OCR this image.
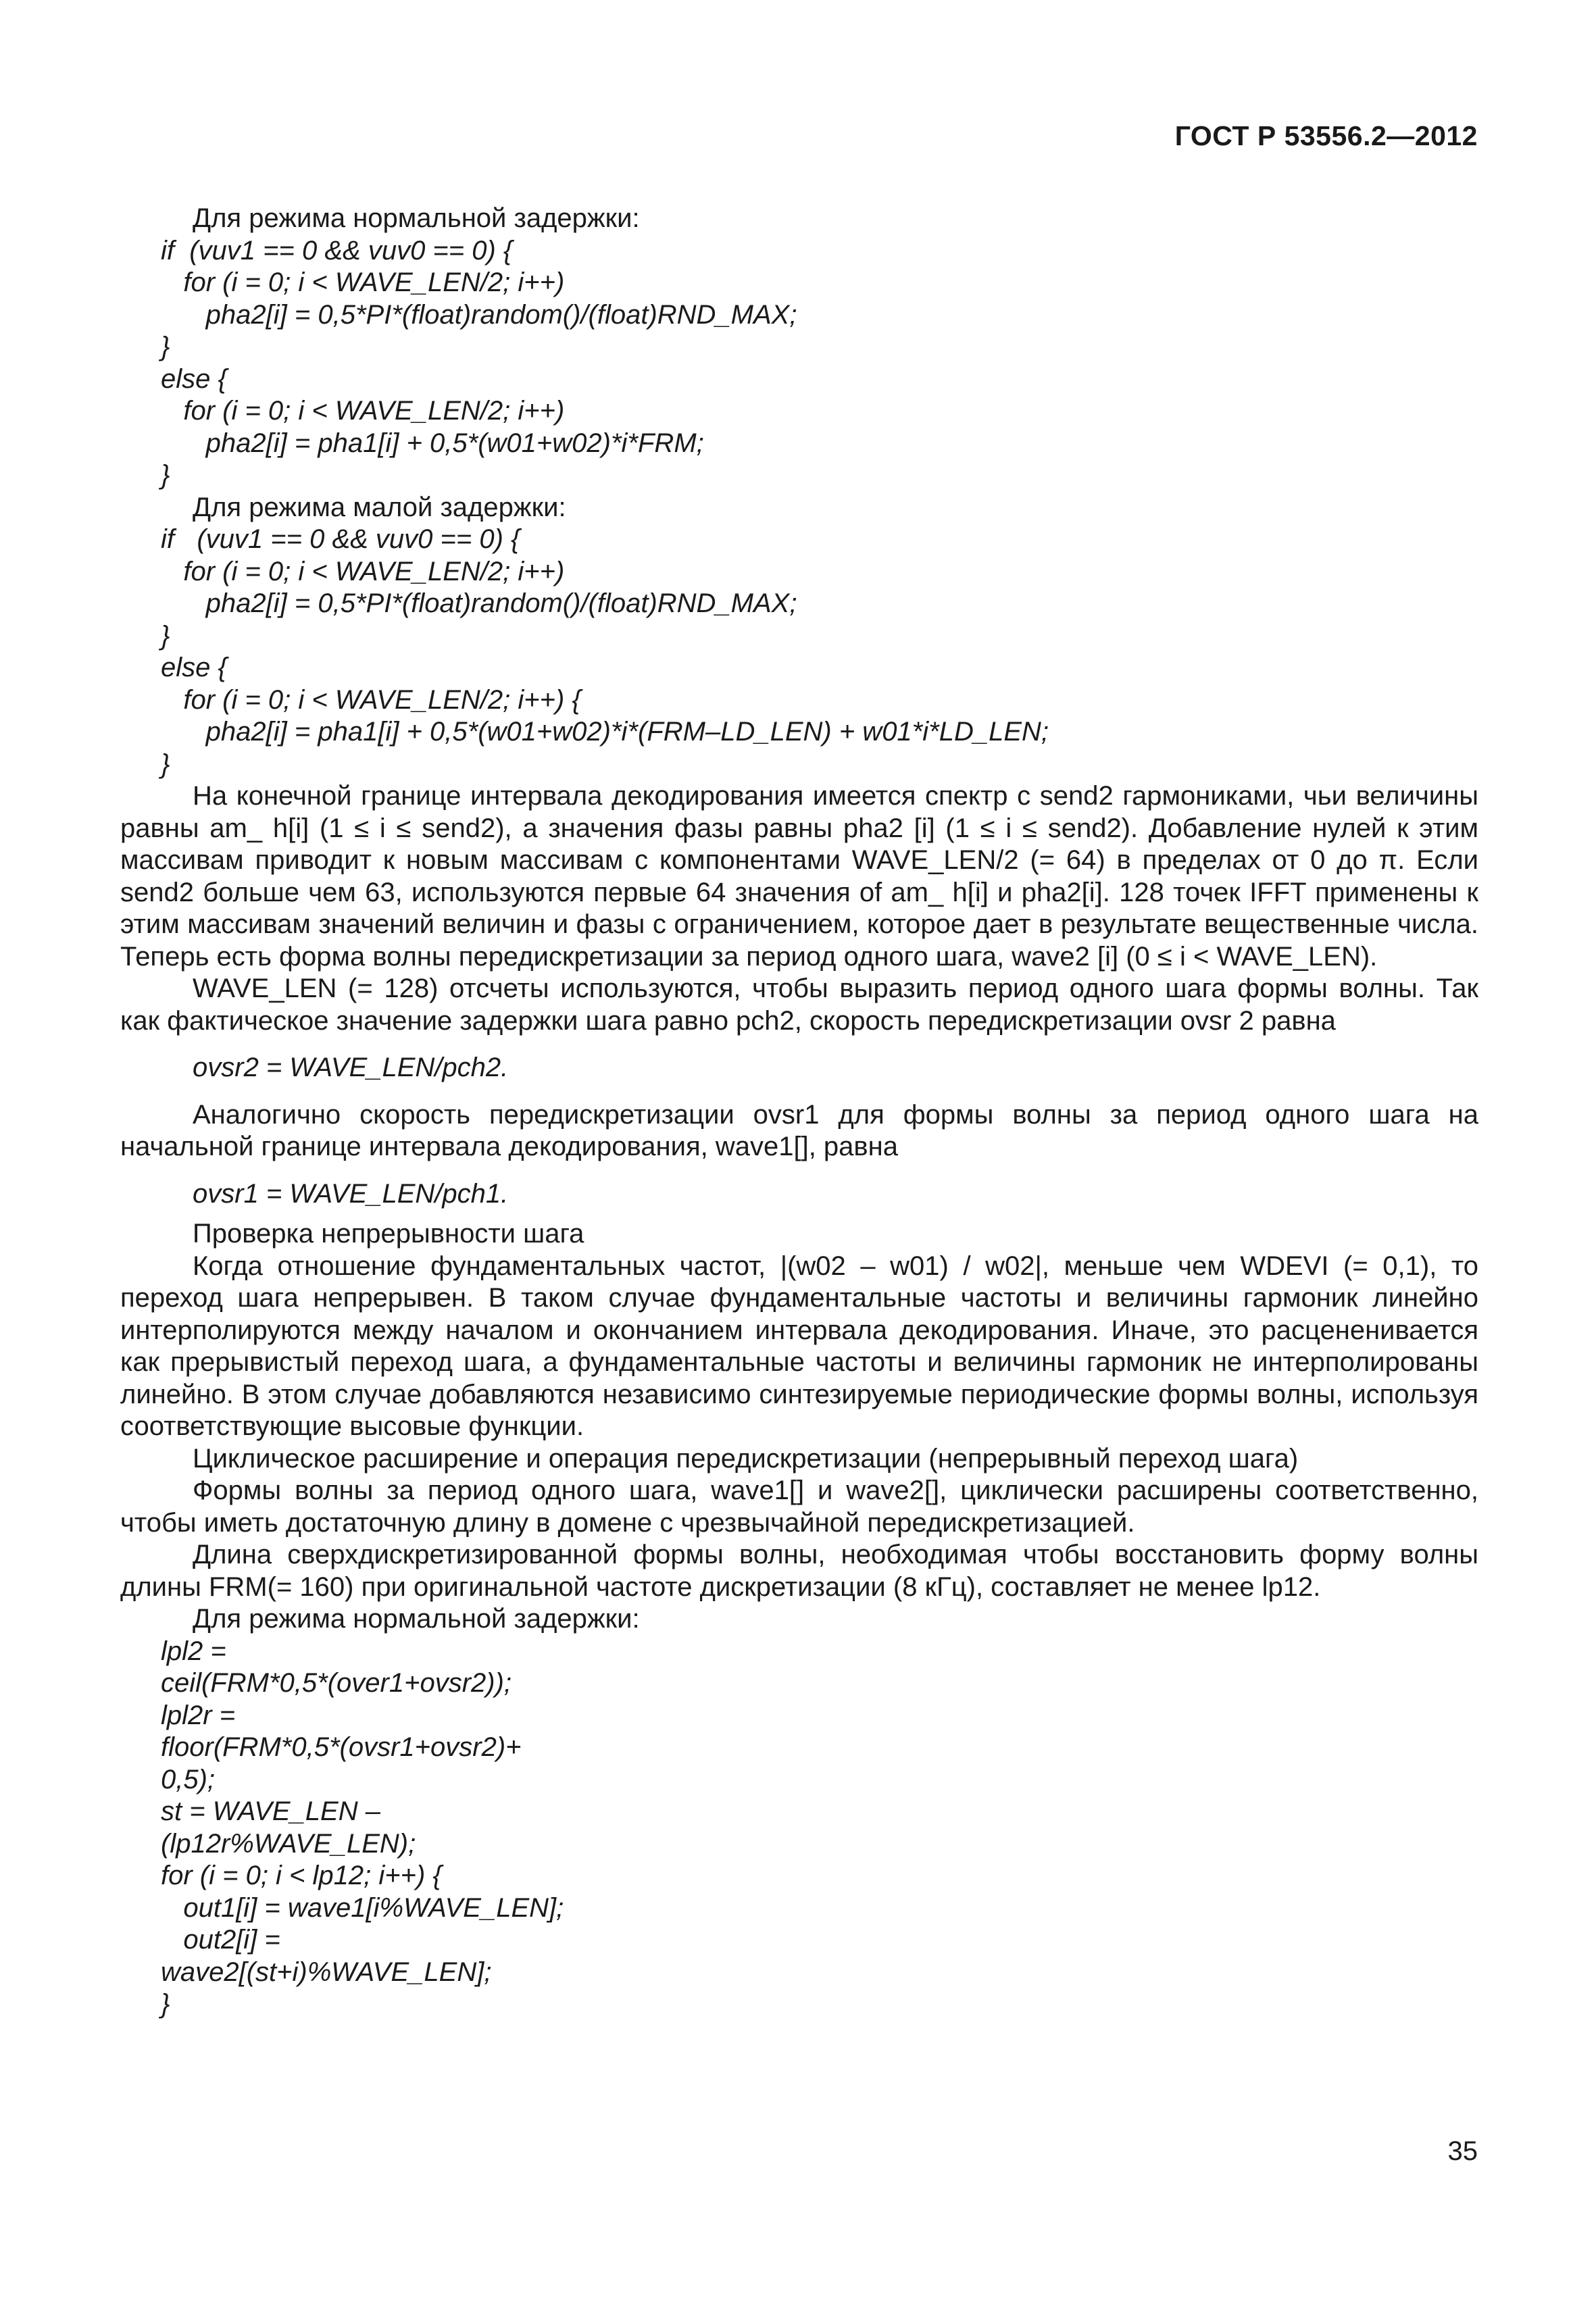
ГОСТ Р 53556.2—2012
Для режима нормальной задержки:
if  (vuv1 == 0 && vuv0 == 0) {
for (i = 0; i < WAVE_LEN/2; i++)
pha2[i] = 0,5*PI*(float)random()/(float)RND_MAX;
}
else {
for (i = 0; i < WAVE_LEN/2; i++)
pha2[i] = pha1[i] + 0,5*(w01+w02)*i*FRM;
}
Для режима малой задержки:
if   (vuv1 == 0 && vuv0 == 0) {
for (i = 0; i < WAVE_LEN/2; i++)
pha2[i] = 0,5*PI*(float)random()/(float)RND_MAX;
}
else {
for (i = 0; i < WAVE_LEN/2; i++) {
pha2[i] = pha1[i] + 0,5*(w01+w02)*i*(FRM–LD_LEN) + w01*i*LD_LEN;
}

На конечной границе интервала декодирования имеется спектр с send2 гармониками, чьи величины равны am_ h[i] (1 ≤ i ≤ send2), а значения фазы равны pha2 [i] (1 ≤ i ≤ send2). Добавление нулей к этим массивам приводит к новым массивам с компонентами WAVE_LEN/2 (= 64) в пределах от 0 до π. Если send2 больше чем 63, используются первые 64 значения of am_ h[i] и pha2[i]. 128 точек IFFT применены к этим массивам значений величин и фазы с ограничением, которое дает в результате вещественные числа. Теперь есть форма волны передискретизации за период одного шага, wave2 [i] (0 ≤ i < WAVE_LEN).

WAVE_LEN (= 128) отсчеты используются, чтобы выразить период одного шага формы волны. Так как фактическое значение задержки шага равно pch2, скорость передискретизации ovsr 2 равна

ovsr2 = WAVE_LEN/pch2.

Аналогично скорость передискретизации ovsr1 для формы волны за период одного шага на начальной границе интервала декодирования, wave1[], равна

ovsr1 = WAVE_LEN/pch1.

Проверка непрерывности шага

Когда отношение фундаментальных частот, |(w02 – w01) / w02|, меньше чем WDEVI (= 0,1), то переход шага непрерывен. В таком случае фундаментальные частоты и величины гармоник линейно интерполируются между началом и окончанием интервала декодирования. Иначе, это расцененивается как прерывистый переход шага, а фундаментальные частоты и величины гармоник не интерполированы линейно. В этом случае добавляются независимо синтезируемые периодические формы волны, используя соответствующие высовые функции.

Циклическое расширение и операция передискретизации (непрерывный переход шага)

Формы волны за период одного шага, wave1[] и wave2[], циклически расширены соответственно, чтобы иметь достаточную длину в домене с чрезвычайной передискретизацией.

Длина сверхдискретизированной формы волны, необходимая чтобы восстановить форму волны длины FRM(= 160) при оригинальной частоте дискретизации (8 кГц), составляет не менее lp12.

Для режима нормальной задержки:
lpl2 =
ceil(FRM*0,5*(over1+ovsr2));
lpl2r =
floor(FRM*0,5*(ovsr1+ovsr2)+
0,5);
st = WAVE_LEN –
(lp12r%WAVE_LEN);
for (i = 0; i < lp12; i++) {
out1[i] = wave1[i%WAVE_LEN];
out2[i] =
wave2[(st+i)%WAVE_LEN];
}
35
